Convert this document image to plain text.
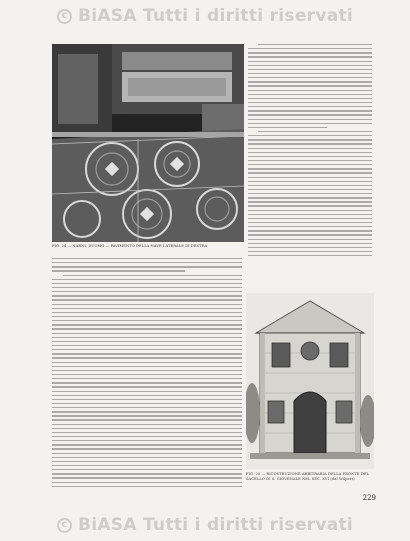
c BiASA Tutti i diritti riservati
FIG. 24 — NARNI, DUOMO — PAVIMENTO DELLA NAVE LATERALE DI DESTRA
FIG. 25 — RICOSTRUZIONE ARBITRARIA DELLA FRONTE DEL SACELLO DI S. GIOVENALE NEL SEC. XVI (dal Wilpert)
229
c BiASA Tutti i diritti riservati
